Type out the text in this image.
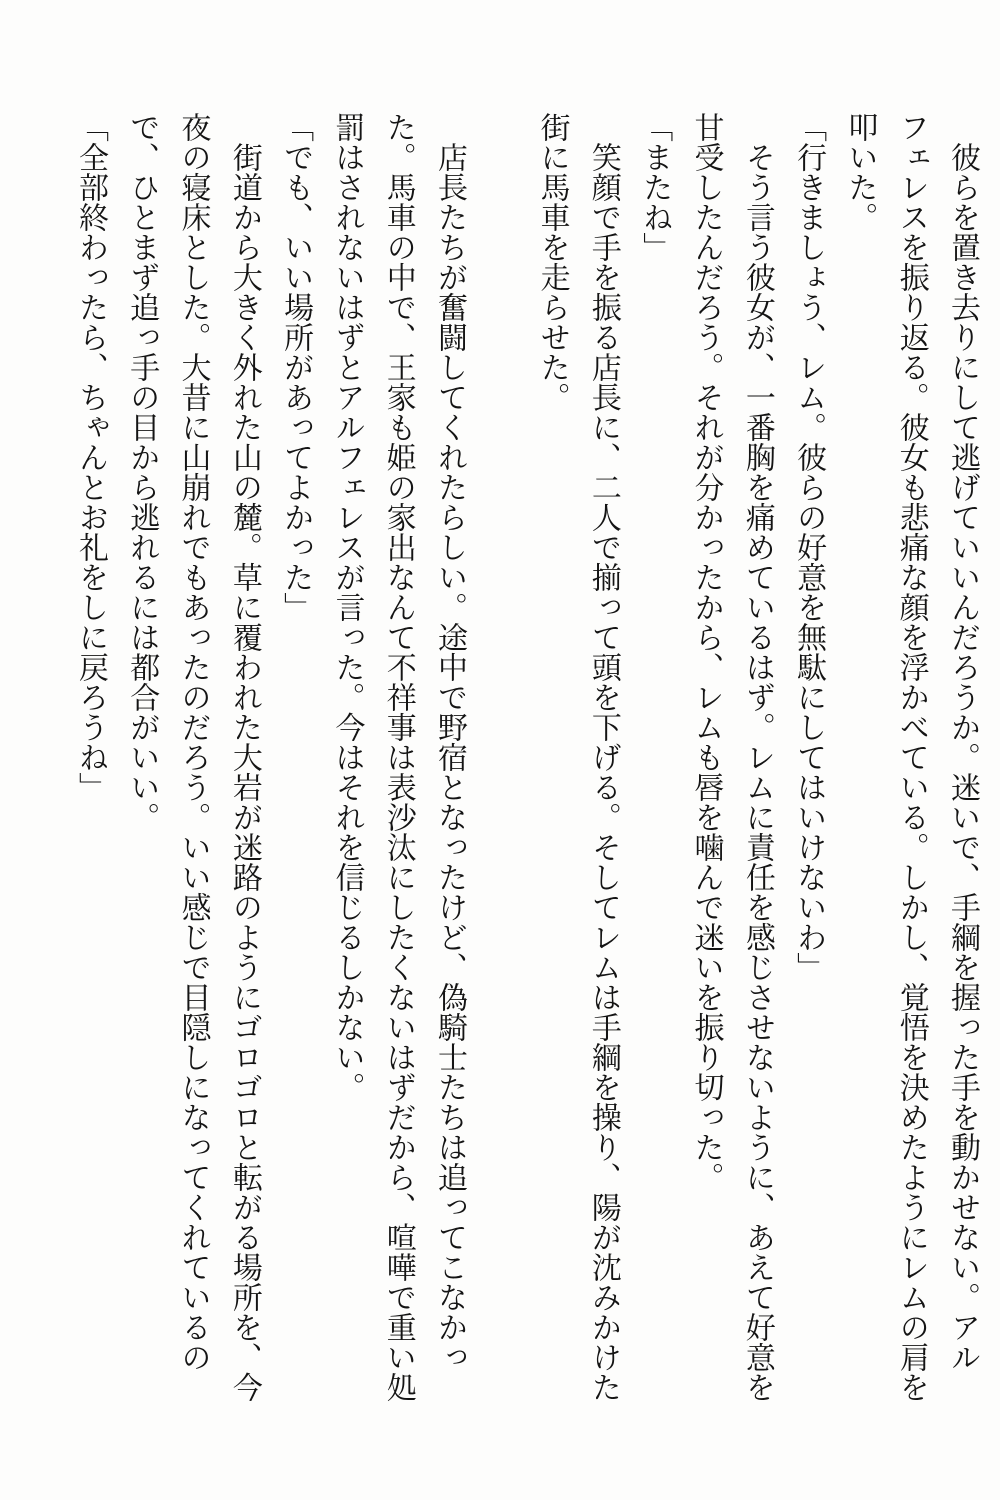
　彼らを置き去りにして逃げていいんだろうか。迷いで、手綱を握った手を動かせない。アル
フェレスを振り返る。彼女も悲痛な顔を浮かべている。しかし、覚悟を決めたようにレムの肩を
叩いた。
「行きましょう、レム。彼らの好意を無駄にしてはいけないわ」
　そう言う彼女が、一番胸を痛めているはず。レムに責任を感じさせないように、あえて好意を
甘受したんだろう。それが分かったから、レムも唇を噛んで迷いを振り切った。
「またね」
　笑顔で手を振る店長に、二人で揃って頭を下げる。そしてレムは手綱を操り、陽が沈みかけた
街に馬車を走らせた。

　店長たちが奮闘してくれたらしい。途中で野宿となったけど、偽騎士たちは追ってこなかっ
た。馬車の中で、王家も姫の家出なんて不祥事は表沙汰にしたくないはずだから、喧嘩で重い処
罰はされないはずとアルフェレスが言った。今はそれを信じるしかない。
「でも、いい場所があってよかった」
　街道から大きく外れた山の麓。草に覆われた大岩が迷路のようにゴロゴロと転がる場所を、今
夜の寝床とした。大昔に山崩れでもあったのだろう。いい感じで目隠しになってくれているの
で、ひとまず追っ手の目から逃れるには都合がいい。
「全部終わったら、ちゃんとお礼をしに戻ろうね」
